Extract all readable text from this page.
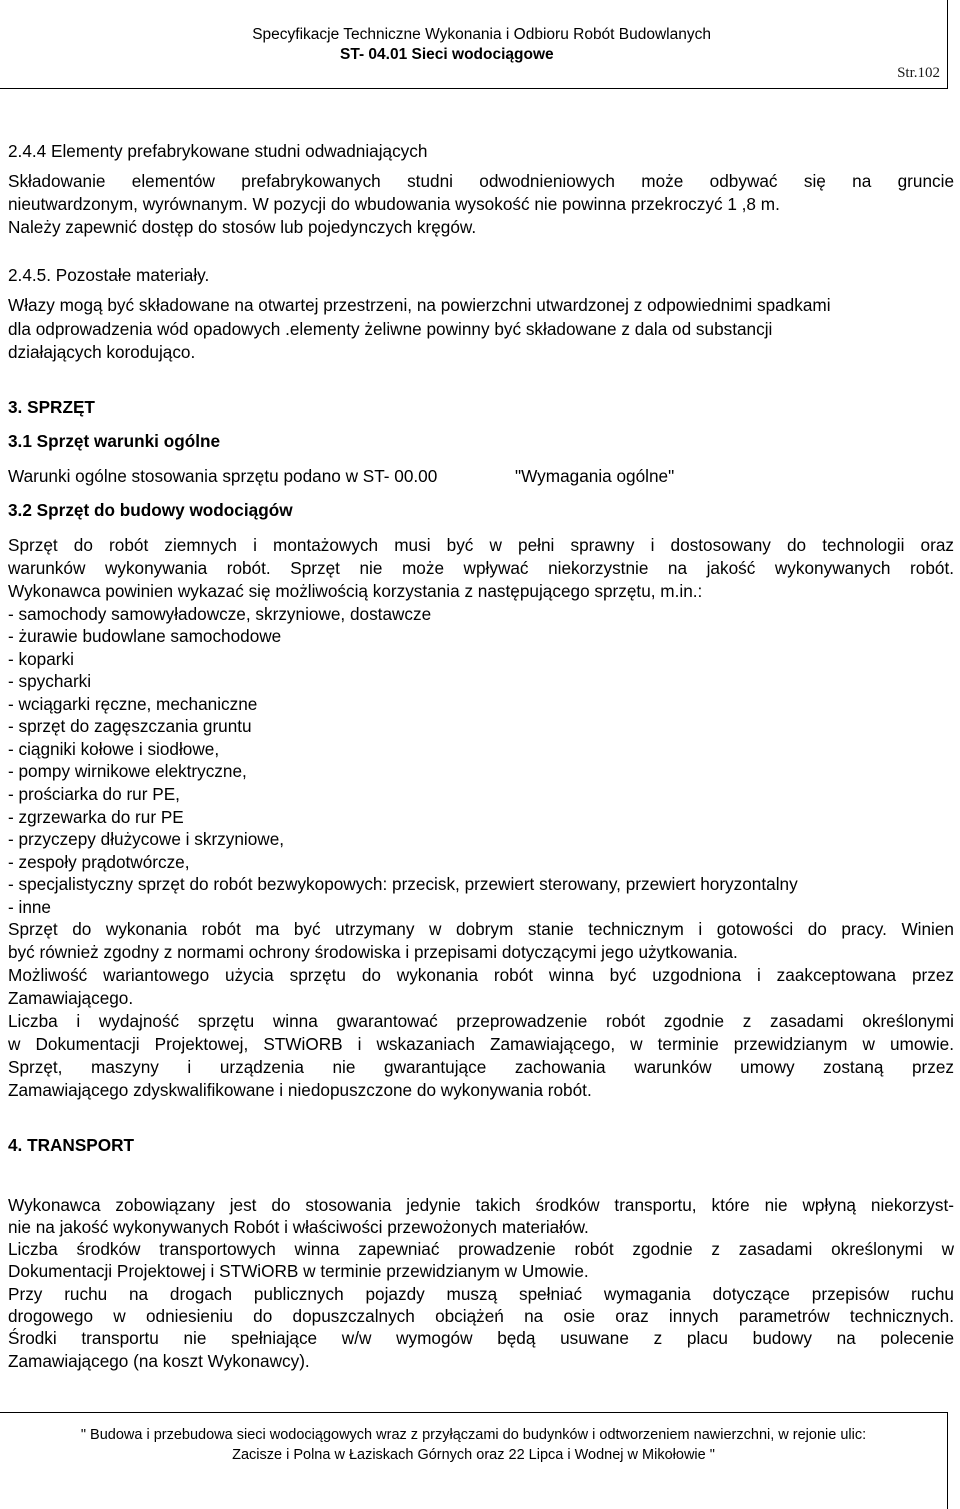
Specyfikacje Techniczne Wykonania i Odbioru Robót Budowlanych
ST- 04.01 Sieci wodociągowe
Str.102
2.4.4 Elementy prefabrykowane studni odwadniających
Składowanie elementów prefabrykowanych studni odwodnieniowych może odbywać się na gruncie
nieutwardzonym, wyrównanym. W pozycji do wbudowania wysokość nie powinna przekroczyć 1 ,8 m.
Należy zapewnić dostęp do stosów lub pojedynczych kręgów.
2.4.5. Pozostałe materiały.
Włazy mogą być składowane na otwartej przestrzeni, na powierzchni utwardzonej z odpowiednimi spadkami
dla odprowadzenia wód opadowych .elementy żeliwne powinny być składowane z dala od substancji
działających korodująco.
3. SPRZĘT
3.1 Sprzęt warunki ogólne
Warunki ogólne stosowania sprzętu podano w ST- 00.00	"Wymagania ogólne"
3.2 Sprzęt do budowy wodociągów
Sprzęt do robót ziemnych i montażowych musi być w pełni sprawny i dostosowany do technologii oraz
warunków wykonywania robót. Sprzęt nie może wpływać niekorzystnie na jakość wykonywanych robót.
Wykonawca powinien wykazać się możliwością korzystania z następującego sprzętu, m.in.:
- samochody samowyładowcze, skrzyniowe, dostawcze
- żurawie budowlane samochodowe
- koparki
- spycharki
- wciągarki ręczne, mechaniczne
- sprzęt do zagęszczania gruntu
- ciągniki kołowe i siodłowe,
- pompy wirnikowe elektryczne,
- prościarka do rur PE,
- zgrzewarka do rur PE
- przyczepy dłużycowe i skrzyniowe,
- zespoły prądotwórcze,
- specjalistyczny sprzęt do robót bezwykopowych: przecisk, przewiert sterowany, przewiert horyzontalny
- inne
Sprzęt do wykonania robót ma być utrzymany w dobrym stanie technicznym i gotowości do pracy. Winien
być również zgodny z normami ochrony środowiska i przepisami dotyczącymi jego użytkowania.
Możliwość wariantowego użycia sprzętu do wykonania robót winna być uzgodniona i zaakceptowana przez
Zamawiającego.
Liczba i wydajność sprzętu winna gwarantować przeprowadzenie robót zgodnie z zasadami określonymi
w Dokumentacji Projektowej, STWiORB i wskazaniach Zamawiającego, w terminie przewidzianym w umowie.
Sprzęt, maszyny i urządzenia nie gwarantujące zachowania warunków umowy zostaną przez
Zamawiającego zdyskwalifikowane i niedopuszczone do wykonywania robót.
4. TRANSPORT
Wykonawca zobowiązany jest do stosowania jedynie takich środków transportu, które nie wpłyną niekorzyst-
nie na jakość wykonywanych Robót i właściwości przewożonych materiałów.
Liczba środków transportowych winna zapewniać prowadzenie robót zgodnie z zasadami określonymi w
Dokumentacji Projektowej i STWiORB w terminie przewidzianym w Umowie.
Przy ruchu na drogach publicznych pojazdy muszą spełniać wymagania dotyczące przepisów ruchu
drogowego w odniesieniu do dopuszczalnych obciążeń na osie oraz innych parametrów technicznych.
Środki transportu nie spełniające w/w wymogów będą usuwane z placu budowy na polecenie
Zamawiającego (na koszt Wykonawcy).
" Budowa i przebudowa sieci wodociągowych wraz z przyłączami do budynków i odtworzeniem nawierzchni, w rejonie ulic:
Zacisze i Polna w Łaziskach Górnych oraz 22 Lipca i Wodnej w Mikołowie "
